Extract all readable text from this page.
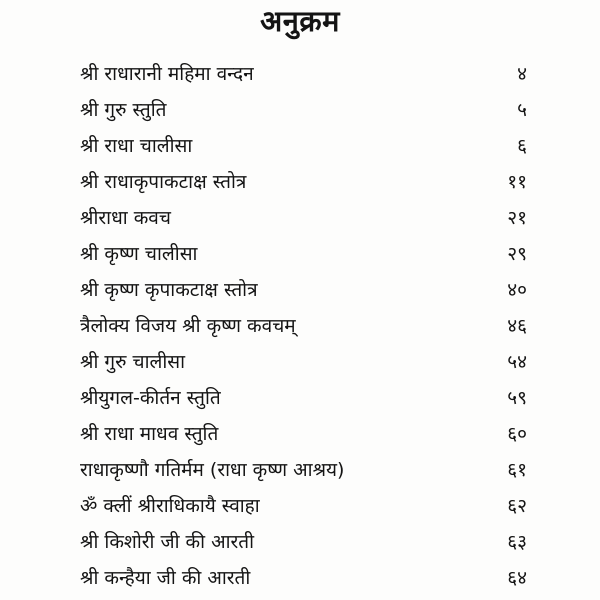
अनुक्रम
श्री राधारानी महिमा वन्दन	४
श्री गुरु स्तुति	५
श्री राधा चालीसा	६
श्री राधाकृपाकटाक्ष स्तोत्र	११
श्रीराधा कवच	२१
श्री कृष्ण चालीसा	२९
श्री कृष्ण कृपाकटाक्ष स्तोत्र	४०
त्रैलोक्य विजय श्री कृष्ण कवचम्	४६
श्री गुरु चालीसा	५४
श्रीयुगल-कीर्तन स्तुति	५९
श्री राधा माधव स्तुति	६०
राधाकृष्णौ गतिर्मम (राधा कृष्ण आश्रय)	६१
ॐ क्लीं श्रीराधिकायै स्वाहा	६२
श्री किशोरी जी की आरती	६३
श्री कन्हैया जी की आरती	६४
